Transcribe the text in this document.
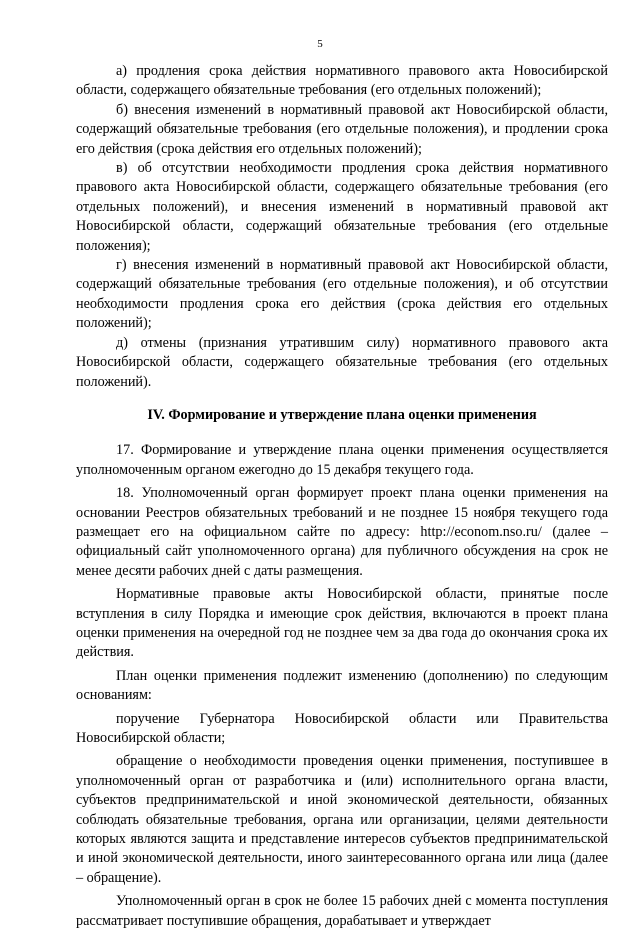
5

а) продления срока действия нормативного правового акта Новосибирской области, содержащего обязательные требования (его отдельных положений);

б) внесения изменений в нормативный правовой акт Новосибирской области, содержащий обязательные требования (его отдельные положения), и продлении срока его действия (срока действия его отдельных положений);

в) об отсутствии необходимости продления срока действия нормативного правового акта Новосибирской области, содержащего обязательные требования (его отдельных положений), и внесения изменений в нормативный правовой акт Новосибирской области, содержащий обязательные требования (его отдельные положения);

г) внесения изменений в нормативный правовой акт Новосибирской области, содержащий обязательные требования (его отдельные положения), и об отсутствии необходимости продления срока его действия (срока действия его отдельных положений);

д) отмены (признания утратившим силу) нормативного правового акта Новосибирской области, содержащего обязательные требования (его отдельных положений).

IV. Формирование и утверждение плана оценки применения

17. Формирование и утверждение плана оценки применения осуществляется уполномоченным органом ежегодно до 15 декабря текущего года.

18. Уполномоченный орган формирует проект плана оценки применения на основании Реестров обязательных требований и не позднее 15 ноября текущего года размещает его на официальном сайте по адресу: http://econom.nso.ru/ (далее – официальный сайт уполномоченного органа) для публичного обсуждения на срок не менее десяти рабочих дней с даты размещения.

Нормативные правовые акты Новосибирской области, принятые после вступления в силу Порядка и имеющие срок действия, включаются в проект плана оценки применения на очередной год не позднее чем за два года до окончания срока их действия.

План оценки применения подлежит изменению (дополнению) по следующим основаниям:

поручение Губернатора Новосибирской области или Правительства Новосибирской области;

обращение о необходимости проведения оценки применения, поступившее в уполномоченный орган от разработчика и (или) исполнительного органа власти, субъектов предпринимательской и иной экономической деятельности, обязанных соблюдать обязательные требования, органа или организации, целями деятельности которых являются защита и представление интересов субъектов предпринимательской и иной экономической деятельности, иного заинтересованного органа или лица (далее – обращение).

Уполномоченный орган в срок не более 15 рабочих дней с момента поступления рассматривает поступившие обращения, дорабатывает и утверждает
